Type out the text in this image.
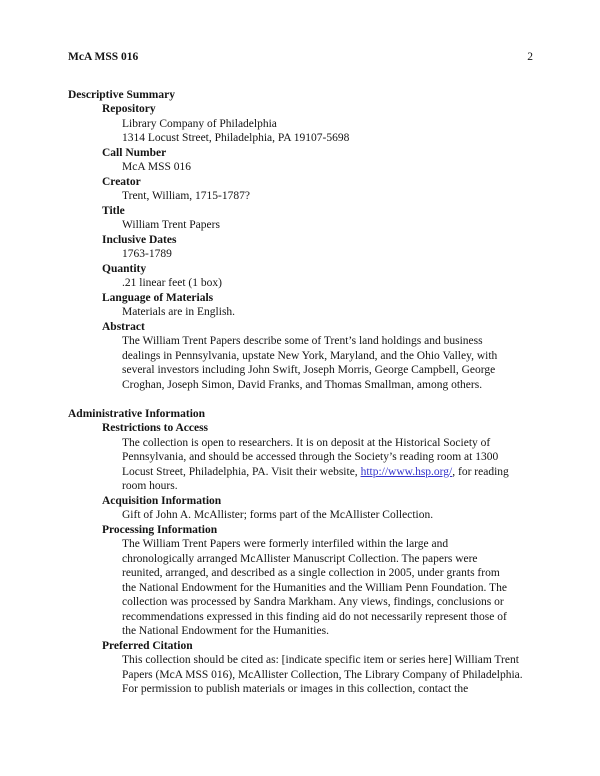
McA MSS 016	2
Descriptive Summary
Repository
Library Company of Philadelphia
1314 Locust Street, Philadelphia, PA 19107-5698
Call Number
McA MSS 016
Creator
Trent, William, 1715-1787?
Title
William Trent Papers
Inclusive Dates
1763-1789
Quantity
.21 linear feet (1 box)
Language of Materials
Materials are in English.
Abstract
The William Trent Papers describe some of Trent’s land holdings and business
dealings in Pennsylvania, upstate New York, Maryland, and the Ohio Valley, with
several investors including John Swift, Joseph Morris, George Campbell, George
Croghan, Joseph Simon, David Franks, and Thomas Smallman, among others.
Administrative Information
Restrictions to Access
The collection is open to researchers. It is on deposit at the Historical Society of
Pennsylvania, and should be accessed through the Society’s reading room at 1300
Locust Street, Philadelphia, PA. Visit their website, http://www.hsp.org/, for reading
room hours.
Acquisition Information
Gift of John A. McAllister; forms part of the McAllister Collection.
Processing Information
The William Trent Papers were formerly interfiled within the large and
chronologically arranged McAllister Manuscript Collection. The papers were
reunited, arranged, and described as a single collection in 2005, under grants from
the National Endowment for the Humanities and the William Penn Foundation. The
collection was processed by Sandra Markham. Any views, findings, conclusions or
recommendations expressed in this finding aid do not necessarily represent those of
the National Endowment for the Humanities.
Preferred Citation
This collection should be cited as: [indicate specific item or series here] William Trent
Papers (McA MSS 016), McAllister Collection, The Library Company of Philadelphia.
For permission to publish materials or images in this collection, contact the
